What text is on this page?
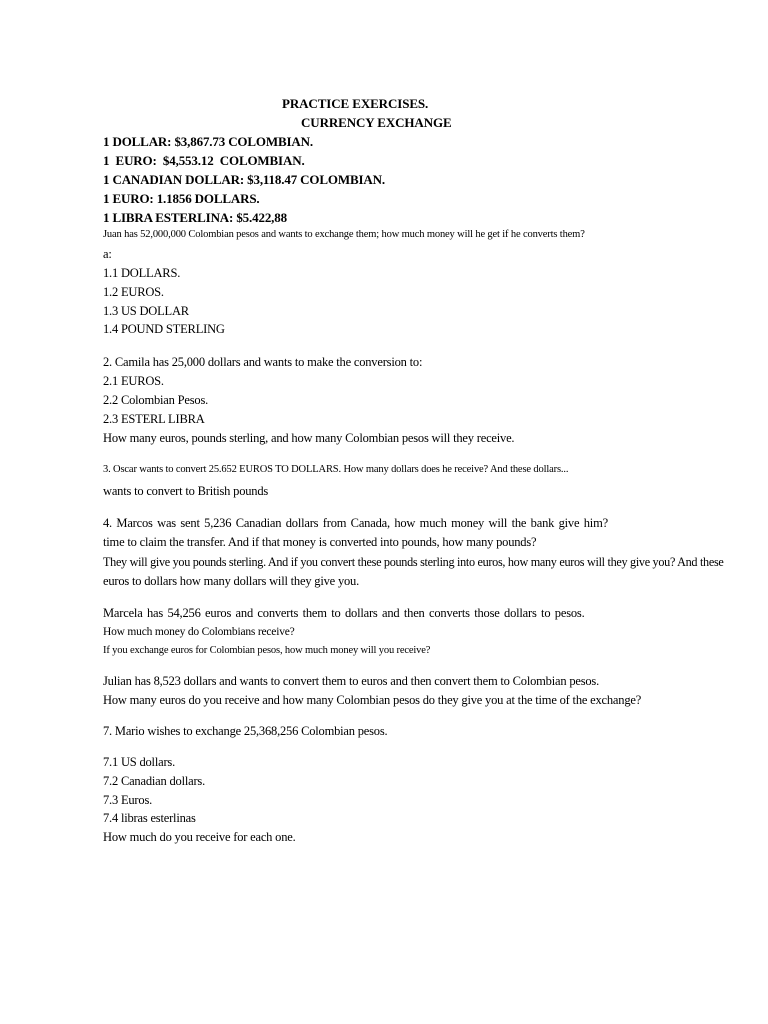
PRACTICE EXERCISES.
CURRENCY EXCHANGE
1 DOLLAR: $3,867.73 COLOMBIAN.
1  EURO:  $4,553.12  COLOMBIAN.
1 CANADIAN DOLLAR: $3,118.47 COLOMBIAN.
1 EURO: 1.1856 DOLLARS.
1 LIBRA ESTERLINA: $5.422,88
Juan has 52,000,000 Colombian pesos and wants to exchange them; how much money will he get if he converts them?
a:
1.1 DOLLARS.
1.2 EUROS.
1.3 US DOLLAR
1.4 POUND STERLING
2. Camila has 25,000 dollars and wants to make the conversion to:
2.1 EUROS.
2.2 Colombian Pesos.
2.3 ESTERL LIBRA
How many euros, pounds sterling, and how many Colombian pesos will they receive.
3. Oscar wants to convert 25.652 EUROS TO DOLLARS. How many dollars does he receive? And these dollars...
wants to convert to British pounds
4. Marcos was sent 5,236 Canadian dollars from Canada, how much money will the bank give him?
time to claim the transfer. And if that money is converted into pounds, how many pounds?
They will give you pounds sterling. And if you convert these pounds sterling into euros, how many euros will they give you? And these
euros to dollars how many dollars will they give you.
Marcela has 54,256 euros and converts them to dollars and then converts those dollars to pesos.
How much money do Colombians receive?
If you exchange euros for Colombian pesos, how much money will you receive?
Julian has 8,523 dollars and wants to convert them to euros and then convert them to Colombian pesos.
How many euros do you receive and how many Colombian pesos do they give you at the time of the exchange?
7. Mario wishes to exchange 25,368,256 Colombian pesos.
7.1 US dollars.
7.2 Canadian dollars.
7.3 Euros.
7.4 libras esterlinas
How much do you receive for each one.
